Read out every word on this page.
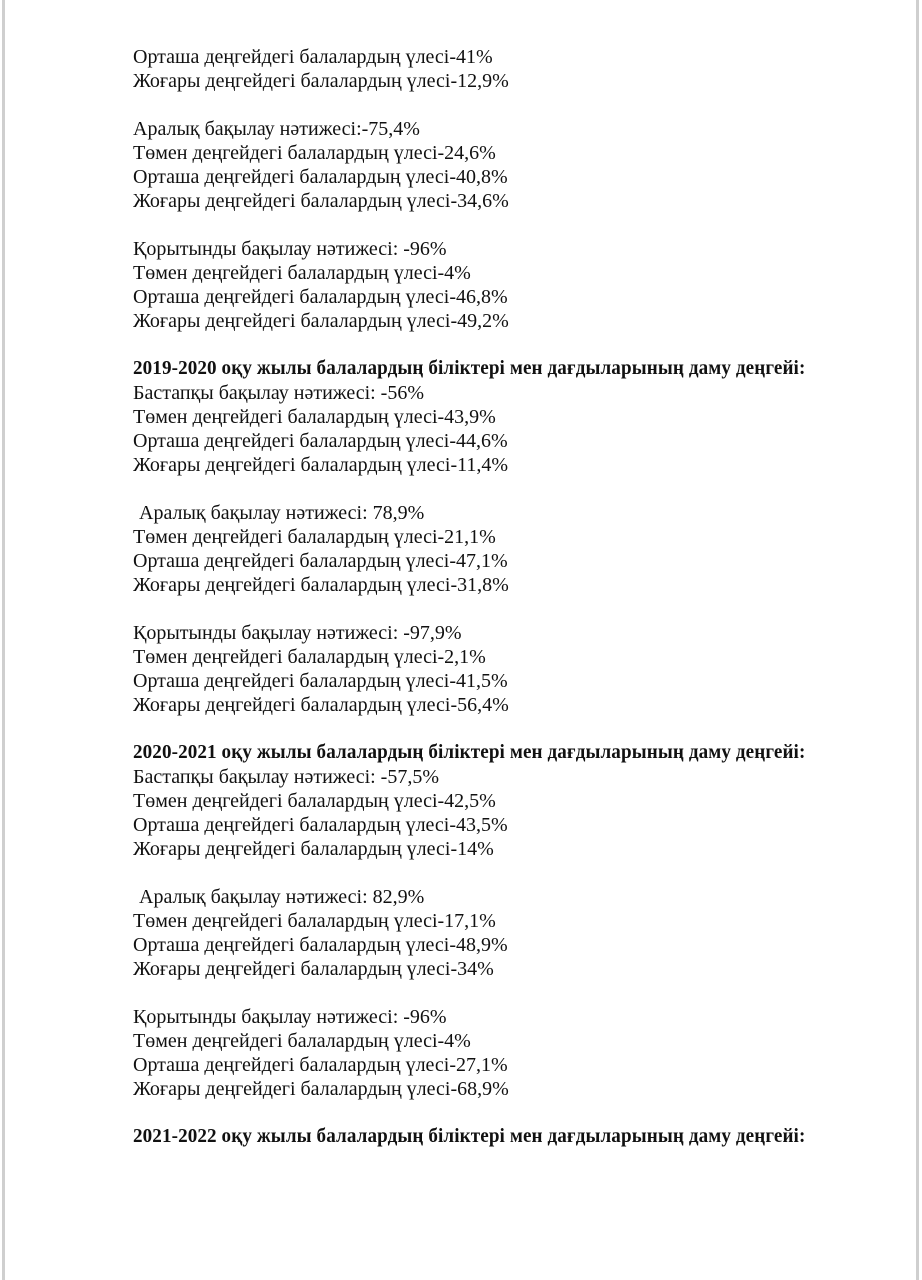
Орташа деңгейдегі балалардың үлесі-41%
Жоғары деңгейдегі балалардың үлесі-12,9%
Аралық бақылау нәтижесі:-75,4%
Төмен деңгейдегі балалардың үлесі-24,6%
Орташа деңгейдегі балалардың үлесі-40,8%
Жоғары деңгейдегі балалардың үлесі-34,6%
Қорытынды бақылау нәтижесі: -96%
Төмен деңгейдегі балалардың үлесі-4%
Орташа деңгейдегі балалардың үлесі-46,8%
Жоғары деңгейдегі балалардың үлесі-49,2%
2019-2020 оқу жылы балалардың біліктері мен дағдыларының даму деңгейі:
Бастапқы бақылау нәтижесі: -56%
Төмен деңгейдегі балалардың үлесі-43,9%
Орташа деңгейдегі балалардың үлесі-44,6%
Жоғары деңгейдегі балалардың үлесі-11,4%
Аралық бақылау нәтижесі: 78,9%
Төмен деңгейдегі балалардың үлесі-21,1%
Орташа деңгейдегі балалардың үлесі-47,1%
Жоғары деңгейдегі балалардың үлесі-31,8%
Қорытынды бақылау нәтижесі: -97,9%
Төмен деңгейдегі балалардың үлесі-2,1%
Орташа деңгейдегі балалардың үлесі-41,5%
Жоғары деңгейдегі балалардың үлесі-56,4%
2020-2021 оқу жылы балалардың біліктері мен дағдыларының даму деңгейі:
Бастапқы бақылау нәтижесі: -57,5%
Төмен деңгейдегі балалардың үлесі-42,5%
Орташа деңгейдегі балалардың үлесі-43,5%
Жоғары деңгейдегі балалардың үлесі-14%
Аралық бақылау нәтижесі: 82,9%
Төмен деңгейдегі балалардың үлесі-17,1%
Орташа деңгейдегі балалардың үлесі-48,9%
Жоғары деңгейдегі балалардың үлесі-34%
Қорытынды бақылау нәтижесі: -96%
Төмен деңгейдегі балалардың үлесі-4%
Орташа деңгейдегі балалардың үлесі-27,1%
Жоғары деңгейдегі балалардың үлесі-68,9%
2021-2022 оқу жылы балалардың біліктері мен дағдыларының даму деңгейі:
